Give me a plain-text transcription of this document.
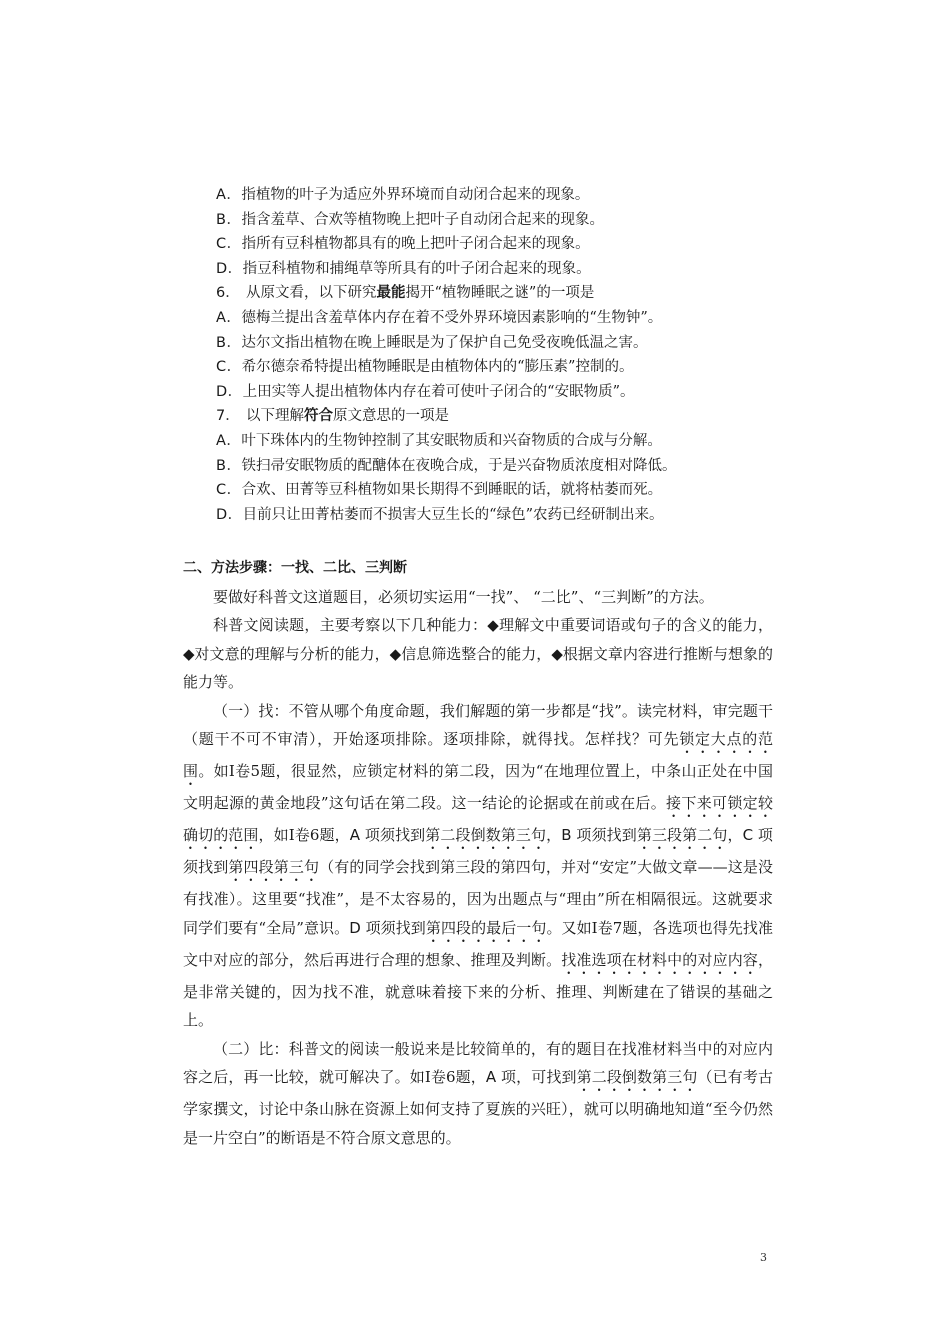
A．指植物的叶子为适应外界环境而自动闭合起来的现象。
B．指含羞草、合欢等植物晚上把叶子自动闭合起来的现象。
C．指所有豆科植物都具有的晚上把叶子闭合起来的现象。
D．指豆科植物和捕绳草等所具有的叶子闭合起来的现象。
6． 从原文看，以下研究最能揭开“植物睡眠之谜”的一项是
A．德梅兰提出含羞草体内存在着不受外界环境因素影响的“生物钟”。
B．达尔文指出植物在晚上睡眠是为了保护自己免受夜晚低温之害。
C．希尔德奈希特提出植物睡眠是由植物体内的“膨压素”控制的。
D．上田实等人提出植物体内存在着可使叶子闭合的“安眠物质”。
7． 以下理解符合原文意思的一项是
A．叶下珠体内的生物钟控制了其安眠物质和兴奋物质的合成与分解。
B．铁扫帚安眠物质的配醣体在夜晚合成，于是兴奋物质浓度相对降低。
C．合欢、田菁等豆科植物如果长期得不到睡眠的话，就将枯萎而死。
D．目前只让田菁枯萎而不损害大豆生长的“绿色”农药已经研制出来。
二、方法步骤：一找、二比、三判断

要做好科普文这道题目，必须切实运用“一找”、 “二比”、“三判断”的方法。

科普文阅读题，主要考察以下几种能力：◆理解文中重要词语或句子的含义的能力，◆对文意的理解与分析的能力，◆信息筛选整合的能力，◆根据文章内容进行推断与想象的能力等。

（一）找：不管从哪个角度命题，我们解题的第一步都是“找”。读完材料，审完题干（题干不可不审清），开始逐项排除。逐项排除，就得找。怎样找？可先锁定大点的范围。如Ⅰ卷5题，很显然，应锁定材料的第二段，因为“在地理位置上，中条山正处在中国文明起源的黄金地段”这句话在第二段。这一结论的论据或在前或在后。接下来可锁定较确切的范围，如Ⅰ卷6题，A 项须找到第二段倒数第三句，B 项须找到第三段第二句，C 项须找到第四段第三句（有的同学会找到第三段的第四句，并对“安定”大做文章——这是没有找准）。这里要“找准”，是不太容易的，因为出题点与“理由”所在相隔很远。这就要求同学们要有“全局”意识。D 项须找到第四段的最后一句。又如Ⅰ卷7题，各选项也得先找准文中对应的部分，然后再进行合理的想象、推理及判断。找准选项在材料中的对应内容，是非常关键的，因为找不准，就意味着接下来的分析、推理、判断建在了错误的基础之上。

（二）比：科普文的阅读一般说来是比较简单的，有的题目在找准材料当中的对应内容之后，再一比较，就可解决了。如Ⅰ卷6题，A 项，可找到第二段倒数第三句（已有考古学家撰文，讨论中条山脉在资源上如何支持了夏族的兴旺），就可以明确地知道“至今仍然是一片空白”的断语是不符合原文意思的。

3
